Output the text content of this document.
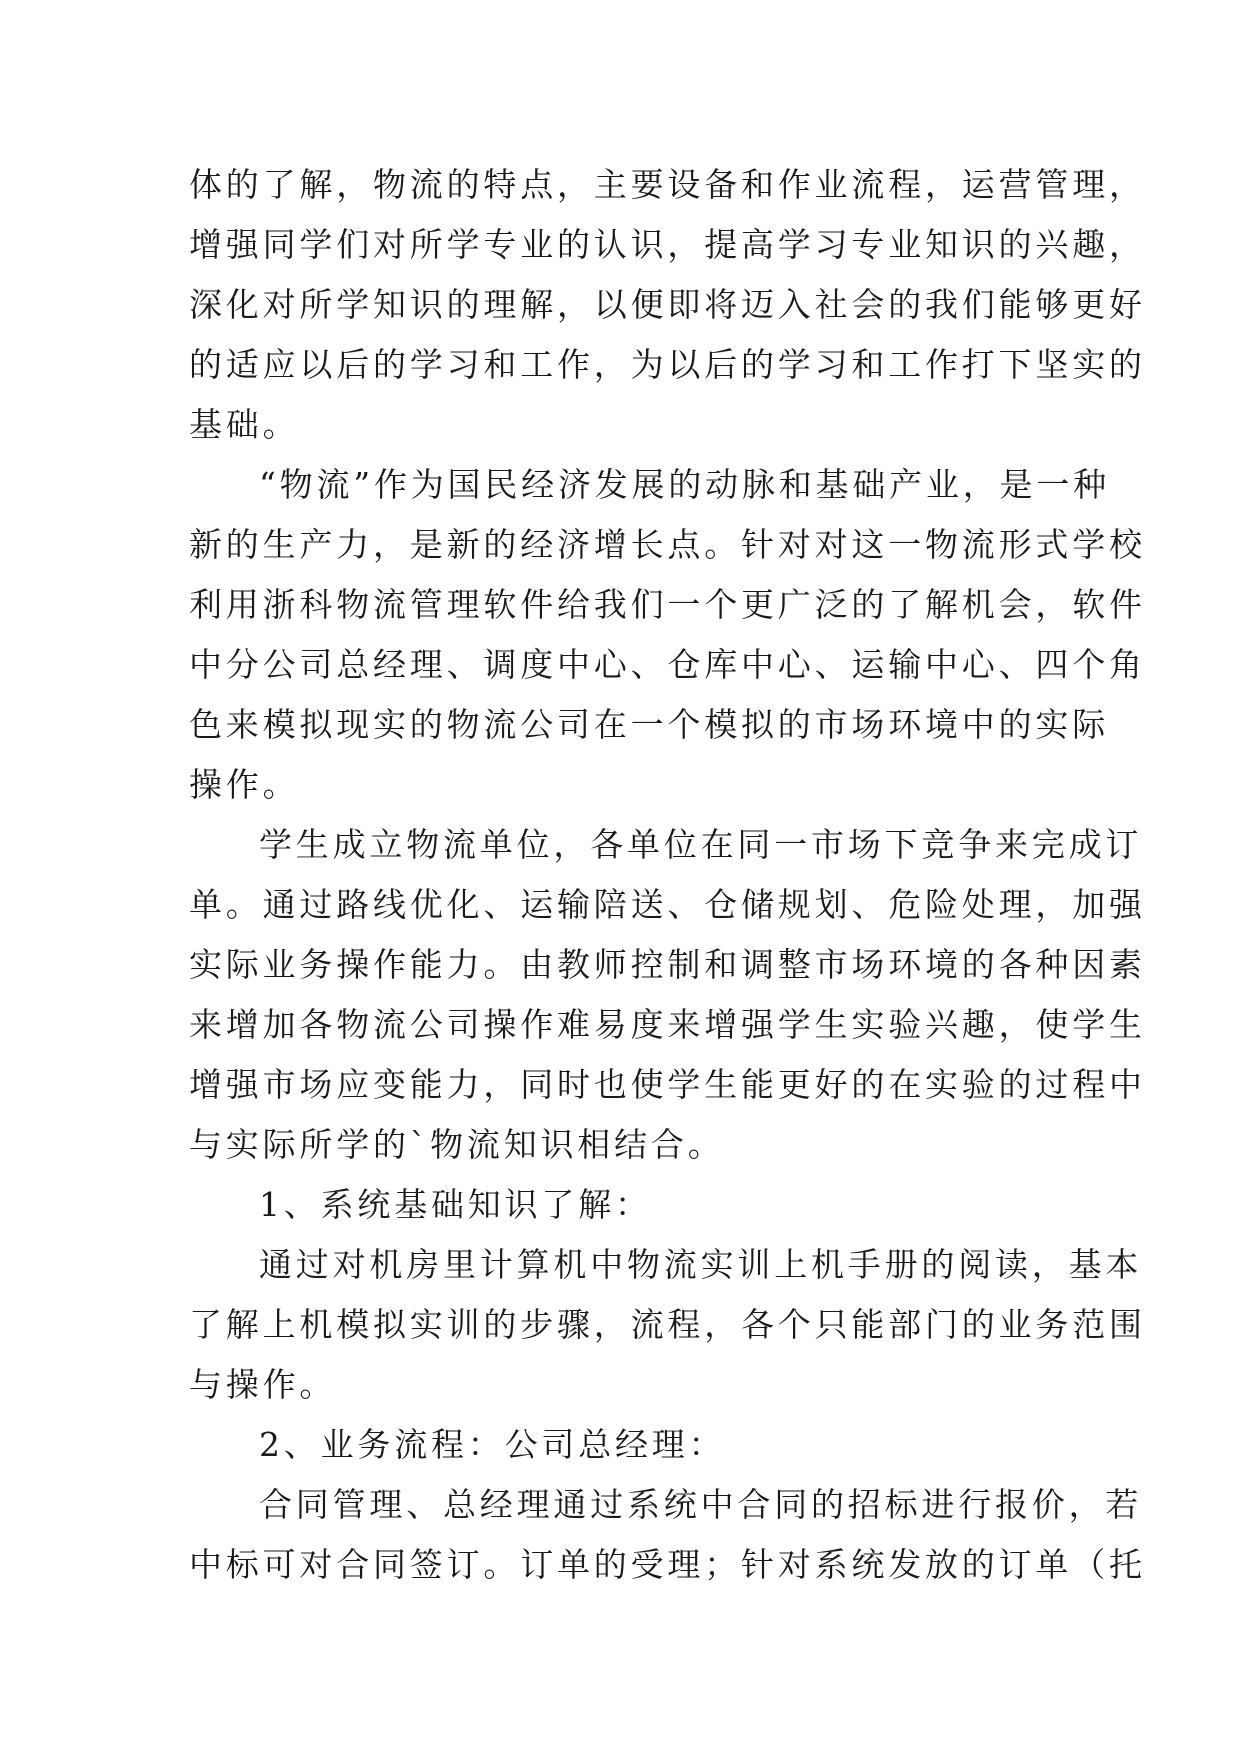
体的了解，物流的特点，主要设备和作业流程，运营管理，
增强同学们对所学专业的认识，提高学习专业知识的兴趣，
深化对所学知识的理解，以便即将迈入社会的我们能够更好
的适应以后的学习和工作，为以后的学习和工作打下坚实的
基础。
“物流”作为国民经济发展的动脉和基础产业，是一种
新的生产力，是新的经济增长点。针对对这一物流形式学校
利用浙科物流管理软件给我们一个更广泛的了解机会，软件
中分公司总经理、调度中心、仓库中心、运输中心、四个角
色来模拟现实的物流公司在一个模拟的市场环境中的实际
操作。
学生成立物流单位，各单位在同一市场下竞争来完成订
单。通过路线优化、运输陪送、仓储规划、危险处理，加强
实际业务操作能力。由教师控制和调整市场环境的各种因素
来增加各物流公司操作难易度来增强学生实验兴趣，使学生
增强市场应变能力，同时也使学生能更好的在实验的过程中
与实际所学的`物流知识相结合。
1、系统基础知识了解：
通过对机房里计算机中物流实训上机手册的阅读，基本
了解上机模拟实训的步骤，流程，各个只能部门的业务范围
与操作。
2、业务流程：公司总经理：
合同管理、总经理通过系统中合同的招标进行报价，若
中标可对合同签订。订单的受理；针对系统发放的订单（托
